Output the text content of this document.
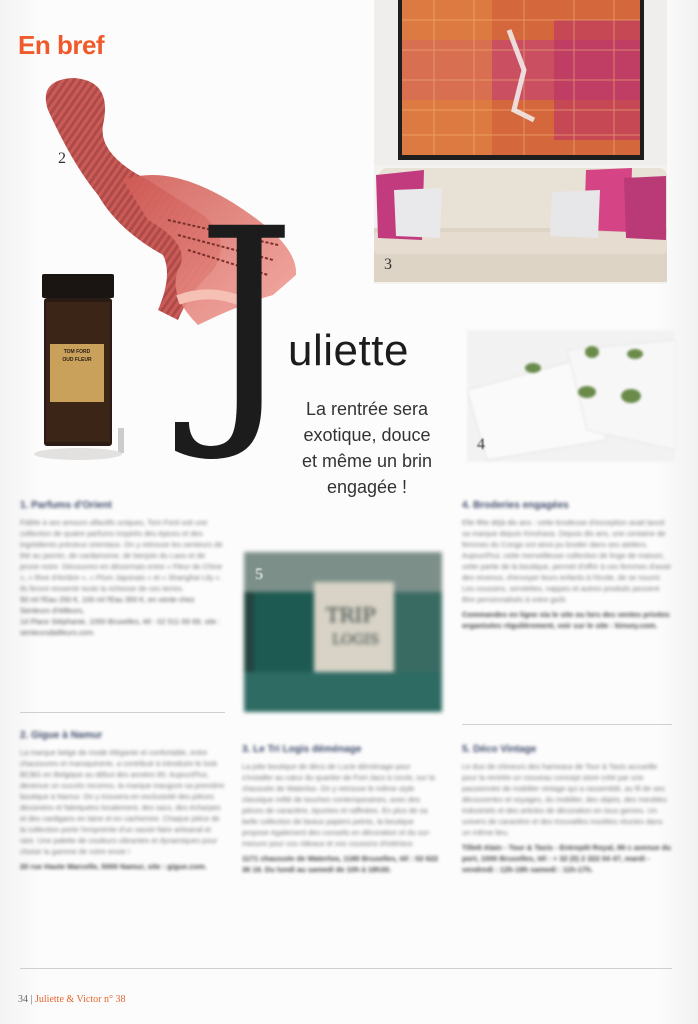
En bref
2
3
TOM FORD
OUD FLEUR J
uliette
La rentrée sera
exotique, douce
et même un brin
engagée !
4
1. Parfums d'Orient

Fidèle à ses amours olfactifs uniques, Tom Ford voit une collection de quatre parfums inspirés des épices et des ingrédients précieux orientaux. On y retrouve les senteurs de thé au jasmin, de cardamome, de benjoin du Laos et de prune noire. Découvrez-en désormais entre « Fleur de Chine », « Rive d'Ambre », « Plum Japonais » et « Shanghai Lily ». Ils feront ressentir toute la richesse de ces terres.

50 ml l'Eau 250 €, 100 ml l'Eau 350 €, en vente chez Senteurs d'Ailleurs,

14 Place Stéphanie, 1050 Bruxelles, tél : 02 511 69 69, site : senteursdailleurs.com.

TRIP
LOGIS
5
4. Broderies engagées

Elle fête déjà dix ans : cette brodeuse d'exception avait lancé sa marque depuis Kinshasa. Depuis dix ans, une centaine de femmes du Congo ont ainsi pu broder dans ses ateliers. Aujourd'hui, cette merveilleuse collection de linge de maison, cette partie de la boutique, permet d'offrir à ces femmes d'avoir des revenus, d'envoyer leurs enfants à l'école, de se nourrir. Les coussins, serviettes, nappes et autres produits peuvent être personnalisés à votre goût.

Commandes en ligne via le site ou lors des ventes privées organisées régulièrement, voir sur le site : kinsey.com.

2. Gigue à Namur

La marque belge de mode élégante et confortable, entre chaussures et maroquinerie, a contribué à introduire le look BCBG en Belgique au début des années 80. Aujourd'hui, devenue un succès reconnu, la marque inaugure sa première boutique à Namur. On y trouvera en exclusivité des pièces dessinées et fabriquées localement, des sacs, des écharpes et des cardigans en laine et en cachemire. Chaque pièce de la collection porte l'empreinte d'un savoir-faire artisanal et rare. Une palette de couleurs vibrantes et dynamiques pour choisir la gamme de votre envie !

20 rue Haute Marcelle, 5000 Namur, site : gigue.com.

3. Le Tri Logis déménage

La jolie boutique de déco de Lucie déménage pour s'installer au cœur du quartier de Fort-Jaco à Uccle, sur la chaussée de Waterloo. On y retrouve le même style classique mêlé de touches contemporaines, avec des pièces de caractère, épurées et raffinées. En plus de sa belle collection de beaux papiers peints, la boutique propose également des conseils en décoration et du sur-mesure pour vos rideaux et vos coussins d'intérieur.

1171 chaussée de Waterloo, 1180 Bruxelles, tél : 02 622 36 18. Du lundi au samedi de 10h à 18h30.

5. Déco Vintage

Le duo de chineurs des hameaux de Tour & Taxis accueille pour la rentrée un nouveau concept store créé par une passionnée de mobilier vintage qui a rassemblé, au fil de ses découvertes et voyages, du mobilier, des objets, des meubles industriels et des articles de décoration en tous genres. Un univers de caractère et des trouvailles insolites réunies dans un même lieu.

Tillett Alain - Tour & Taxis - Entrepôt Royal, 86 c avenue du port, 1000 Bruxelles, tél : + 32 (0) 2 322 04 47, mardi - vendredi : 12h-18h samedi : 11h-17h.

34 | Juliette & Victor n° 38
